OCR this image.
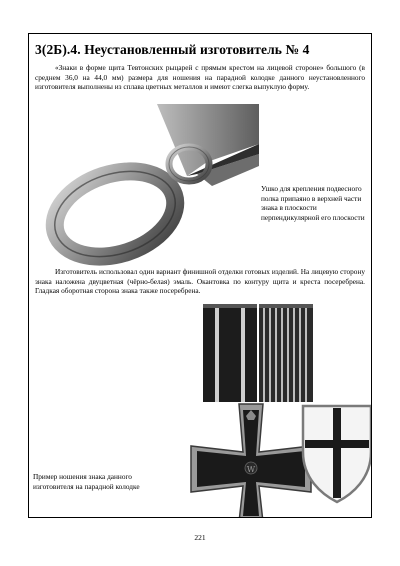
3(2Б).4. Неустановленный изготовитель № 4
«Знаки в форме щита Тевтонских рыцарей с прямым крестом на лицевой стороне» большого (в среднем 36,0 на 44,0 мм) размера для ношения на парадной колодке данного неустановленного изготовителя выполнены из сплава цветных металлов и имеют слегка выпуклую форму.
Ушко для крепления подвесного полка припаяно в верхней части знака в плоскости перпендикулярной его плоскости
Изготовитель использовал один вариант финишной отделки готовых изделий. На лицевую сторону знака наложена двуцветная (чёрно-белая) эмаль. Окантовка по контуру щита и креста посеребрена. Гладкая оборотная сторона знака также посеребрена.
W
Пример ношения знака данного изготовителя на парадной колодке
221
